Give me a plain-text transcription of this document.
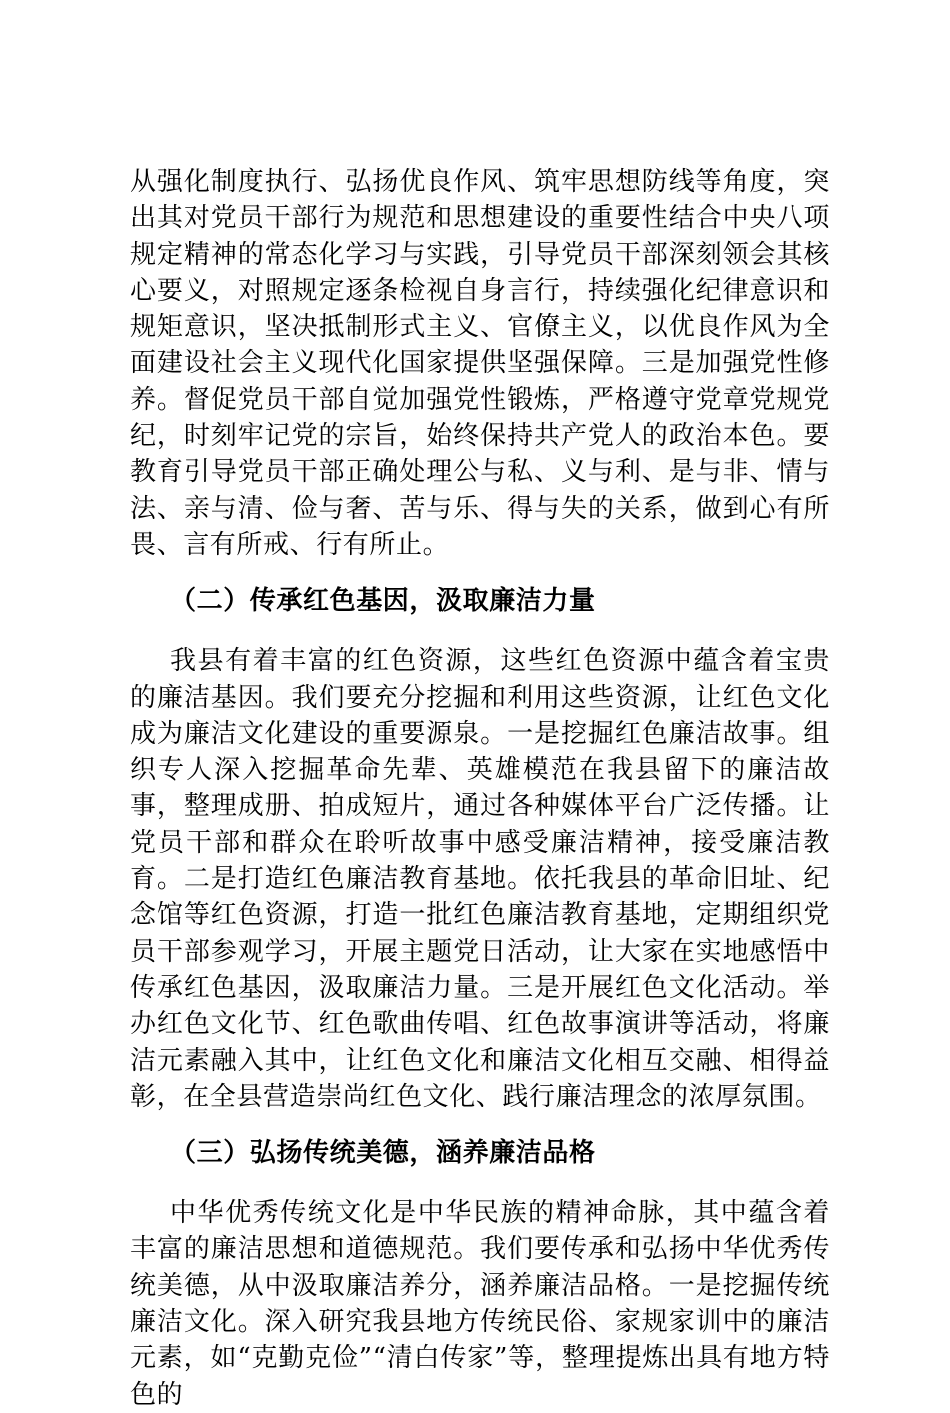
从强化制度执行、弘扬优良作风、筑牢思想防线等角度，突出其对党员干部行为规范和思想建设的重要性结合中央八项规定精神的常态化学习与实践，引导党员干部深刻领会其核心要义，对照规定逐条检视自身言行，持续强化纪律意识和规矩意识，坚决抵制形式主义、官僚主义，以优良作风为全面建设社会主义现代化国家提供坚强保障。三是加强党性修养。督促党员干部自觉加强党性锻炼，严格遵守党章党规党纪，时刻牢记党的宗旨，始终保持共产党人的政治本色。要教育引导党员干部正确处理公与私、义与利、是与非、情与法、亲与清、俭与奢、苦与乐、得与失的关系，做到心有所畏、言有所戒、行有所止。

（二）传承红色基因，汲取廉洁力量

我县有着丰富的红色资源，这些红色资源中蕴含着宝贵的廉洁基因。我们要充分挖掘和利用这些资源，让红色文化成为廉洁文化建设的重要源泉。一是挖掘红色廉洁故事。组织专人深入挖掘革命先辈、英雄模范在我县留下的廉洁故事，整理成册、拍成短片，通过各种媒体平台广泛传播。让党员干部和群众在聆听故事中感受廉洁精神，接受廉洁教育。二是打造红色廉洁教育基地。依托我县的革命旧址、纪念馆等红色资源，打造一批红色廉洁教育基地，定期组织党员干部参观学习，开展主题党日活动，让大家在实地感悟中传承红色基因，汲取廉洁力量。三是开展红色文化活动。举办红色文化节、红色歌曲传唱、红色故事演讲等活动，将廉洁元素融入其中，让红色文化和廉洁文化相互交融、相得益彰，在全县营造崇尚红色文化、践行廉洁理念的浓厚氛围。

（三）弘扬传统美德，涵养廉洁品格

中华优秀传统文化是中华民族的精神命脉，其中蕴含着丰富的廉洁思想和道德规范。我们要传承和弘扬中华优秀传统美德，从中汲取廉洁养分，涵养廉洁品格。一是挖掘传统廉洁文化。深入研究我县地方传统民俗、家规家训中的廉洁元素，如“克勤克俭”“清白传家”等，整理提炼出具有地方特色的
